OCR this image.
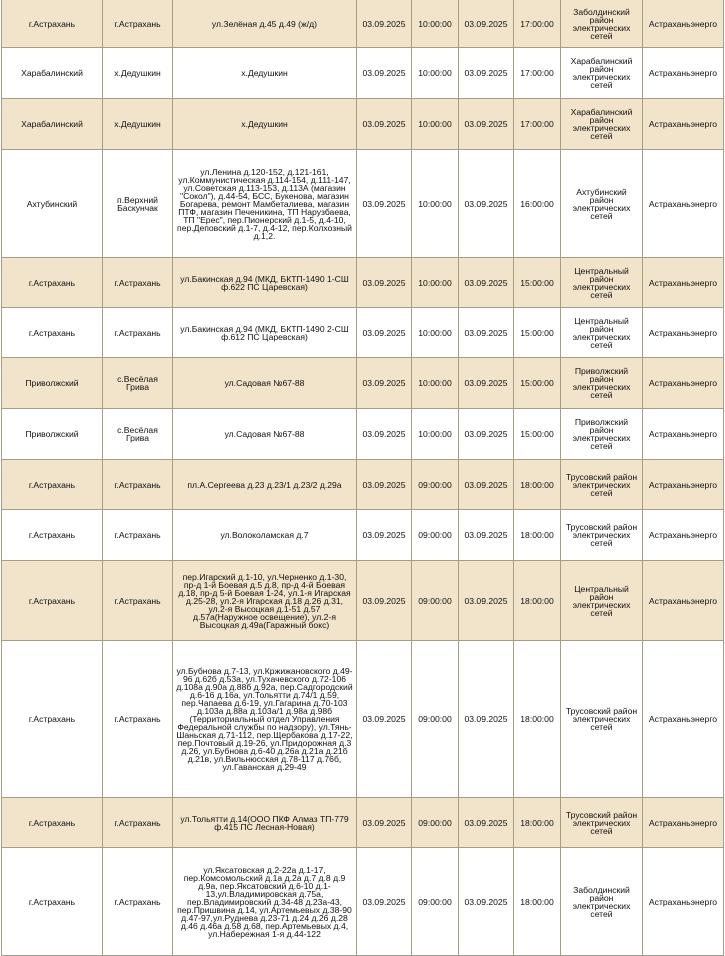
г.Астрахань	г.Астрахань	ул.Зелёная д.45 д.49 (ж/д)	03.09.2025	10:00:00	03.09.2025	17:00:00	Заболдинский район электрических сетей	Астраханьэнерго
Харабалинский	х.Дедушкин	х.Дедушкин	03.09.2025	10:00:00	03.09.2025	17:00:00	Харабалинский район электрических сетей	Астраханьэнерго
Харабалинский	х.Дедушкин	х.Дедушкин	03.09.2025	10:00:00	03.09.2025	17:00:00	Харабалинский район электрических сетей	Астраханьэнерго
Ахтубинский	п.Верхний Баскунчак	ул.Ленина д.120-152, д.121-161, ул.Коммунистическая д.114-154, д.111-147, ул.Советская д.113-153, д.113А (магазин "Сокол"), д.44-54, БСС, Букенова, магазин Богарева, ремонт Мамбеталиева, магазин ПТФ, магазин Печеникина, ТП Нарузбаева, ТП "Ерес", пер.Пионерский д.1-5, д.4-10, пер.Деповский д.1-7, д.4-12, пер.Колхозный д.1,2.	03.09.2025	10:00:00	03.09.2025	16:00:00	Ахтубинский район электрических сетей	Астраханьэнерго
г.Астрахань	г.Астрахань	ул.Бакинская д.94 (МКД, БКТП-1490 1-СШ ф.622 ПС Царевская)	03.09.2025	10:00:00	03.09.2025	15:00:00	Центральный район электрических сетей	Астраханьэнерго
г.Астрахань	г.Астрахань	ул.Бакинская д.94 (МКД, БКТП-1490 2-СШ ф.612 ПС Царевская)	03.09.2025	10:00:00	03.09.2025	15:00:00	Центральный район электрических сетей	Астраханьэнерго
Приволжский	с.Весёлая Грива	ул.Садовая №67-88	03.09.2025	10:00:00	03.09.2025	15:00:00	Приволжский район электрических сетей	Астраханьэнерго
Приволжский	с.Весёлая Грива	ул.Садовая №67-88	03.09.2025	10:00:00	03.09.2025	15:00:00	Приволжский район электрических сетей	Астраханьэнерго
г.Астрахань	г.Астрахань	пл.А.Сергеева д.23 д.23/1 д.23/2 д.29а	03.09.2025	09:00:00	03.09.2025	18:00:00	Трусовский район электрических сетей	Астраханьэнерго
г.Астрахань	г.Астрахань	ул.Волоколамская д.7	03.09.2025	09:00:00	03.09.2025	18:00:00	Трусовский район электрических сетей	Астраханьэнерго
г.Астрахань	г.Астрахань	пер.Игарский д.1-10, ул.Черненко д.1-30, пр-д 1-й Боевая д.5 д.8, пр-д 4-й Боевая д.18, пр-д 5-й Боевая 1-24, ул.1-я Игарская д.25-28, ул.2-я Игарская д.18 д.26 д.31, ул.2-я Высоцкая д.1-51 д.57 д.57а(Наружное освещение), ул.2-я Высоцкая д.49а(Гаражный бокс)	03.09.2025	09:00:00	03.09.2025	18:00:00	Центральный район электрических сетей	Астраханьэнерго
г.Астрахань	г.Астрахань	ул.Бубнова д.7-13, ул.Кржижановского д.49-96 д.62б д.53а, ул.Тухачевского д.72-106 д.108а д.90а д.88б д.92а, пер.Садгородский д.6-16 д.16а, ул.Тольятти д.74/1 д.59, пер.Чапаева д.6-19, ул.Гагарина д.70-103 д.103а д.88а д.103а/1 д.98а д.98б (Территориальный отдел Управления Федеральной службы по надзору), ул.Тянь-Шаньская д.71-112, пер.Щербакова д.17-22, пер.Почтовый д.19-26, ул.Придорожная д.3 д.26, ул.Бубнова д.6-40 д.26а д.21а д.21б д.21в, ул.Вильнюсская д.78-117 д.76б, ул.Гаванская д.29-49	03.09.2025	09:00:00	03.09.2025	18:00:00	Трусовский район электрических сетей	Астраханьэнерго
г.Астрахань	г.Астрахань	ул.Тольятти д.14(ООО ПКФ Алмаз ТП-779 ф.415 ПС Лесная-Новая)	03.09.2025	09:00:00	03.09.2025	18:00:00	Трусовский район электрических сетей	Астраханьэнерго
г.Астрахань	г.Астрахань	ул.Яксатовская д.2-22а д.1-17, пер.Комсомольский д.1а д.2а д.7 д.8 д.9 д.9а, пер.Яксатовский д.6-10 д.1-13,ул.Владимировская д.75а, пер.Владимировский д.34-48 д.23а-43, пер.Пришвина д.14, ул.Артемьевых д.38-90 д.47-97,ул.Руднева д.23-71 д.24 д.26 д.28 д.46 д.46а д.58 д.68, пер.Артемьевых д.4, ул.Набережная 1-я д.44-122	03.09.2025	09:00:00	03.09.2025	18:00:00	Заболдинский район электрических сетей	Астраханьэнерго
